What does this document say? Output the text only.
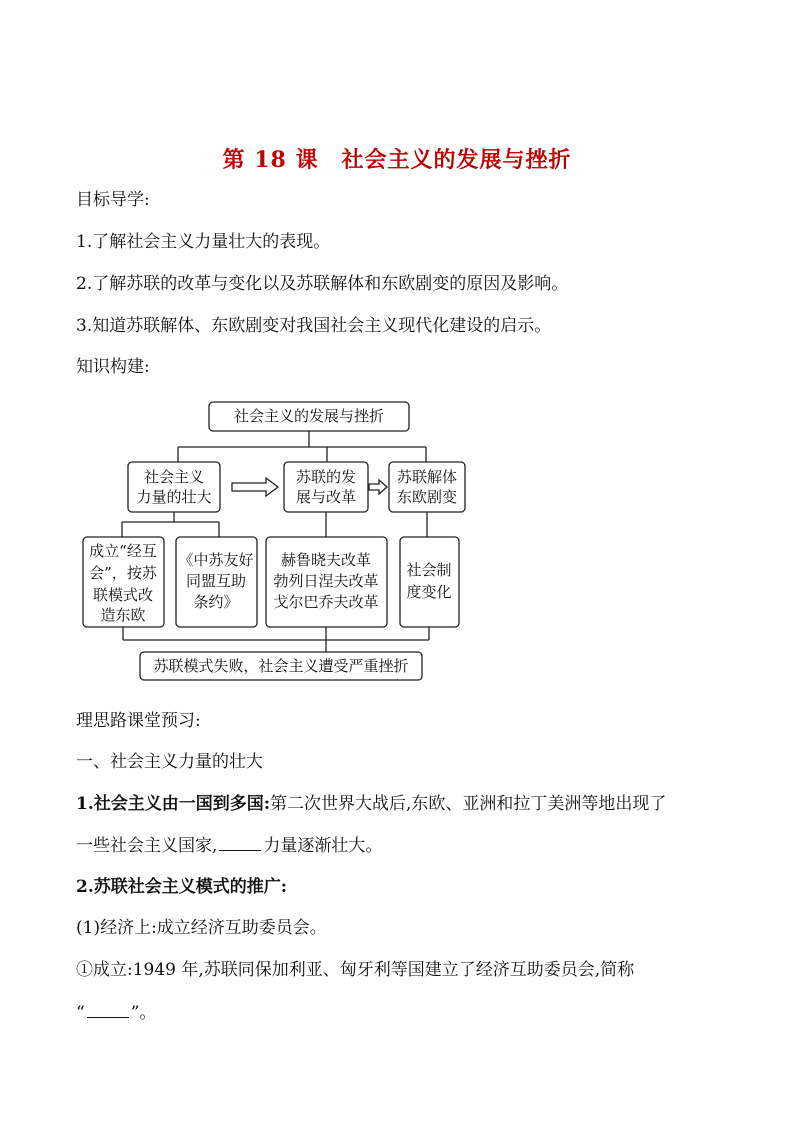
第 18 课　社会主义的发展与挫折
目标导学:
1.了解社会主义力量壮大的表现。
2.了解苏联的改革与变化以及苏联解体和东欧剧变的原因及影响。
3.知道苏联解体、东欧剧变对我国社会主义现代化建设的启示。
知识构建:
社会主义的发展与挫折
社会主义
力量的壮大
苏联的发
展与改革
苏联解体
东欧剧变
成立“经互
会”，按苏
联模式改
造东欧
《中苏友好
同盟互助
条约》
赫鲁晓夫改革
勃列日涅夫改革
戈尔巴乔夫改革
社会制
度变化
苏联模式失败，社会主义遭受严重挫折
理思路课堂预习:
一、社会主义力量的壮大
1.社会主义由一国到多国:第二次世界大战后,东欧、亚洲和拉丁美洲等地出现了
一些社会主义国家,	力量逐渐壮大。
2.苏联社会主义模式的推广:
(1)经济上:成立经济互助委员会。
①成立:1949 年,苏联同保加利亚、匈牙利等国建立了经济互助委员会,简称
“	”。
